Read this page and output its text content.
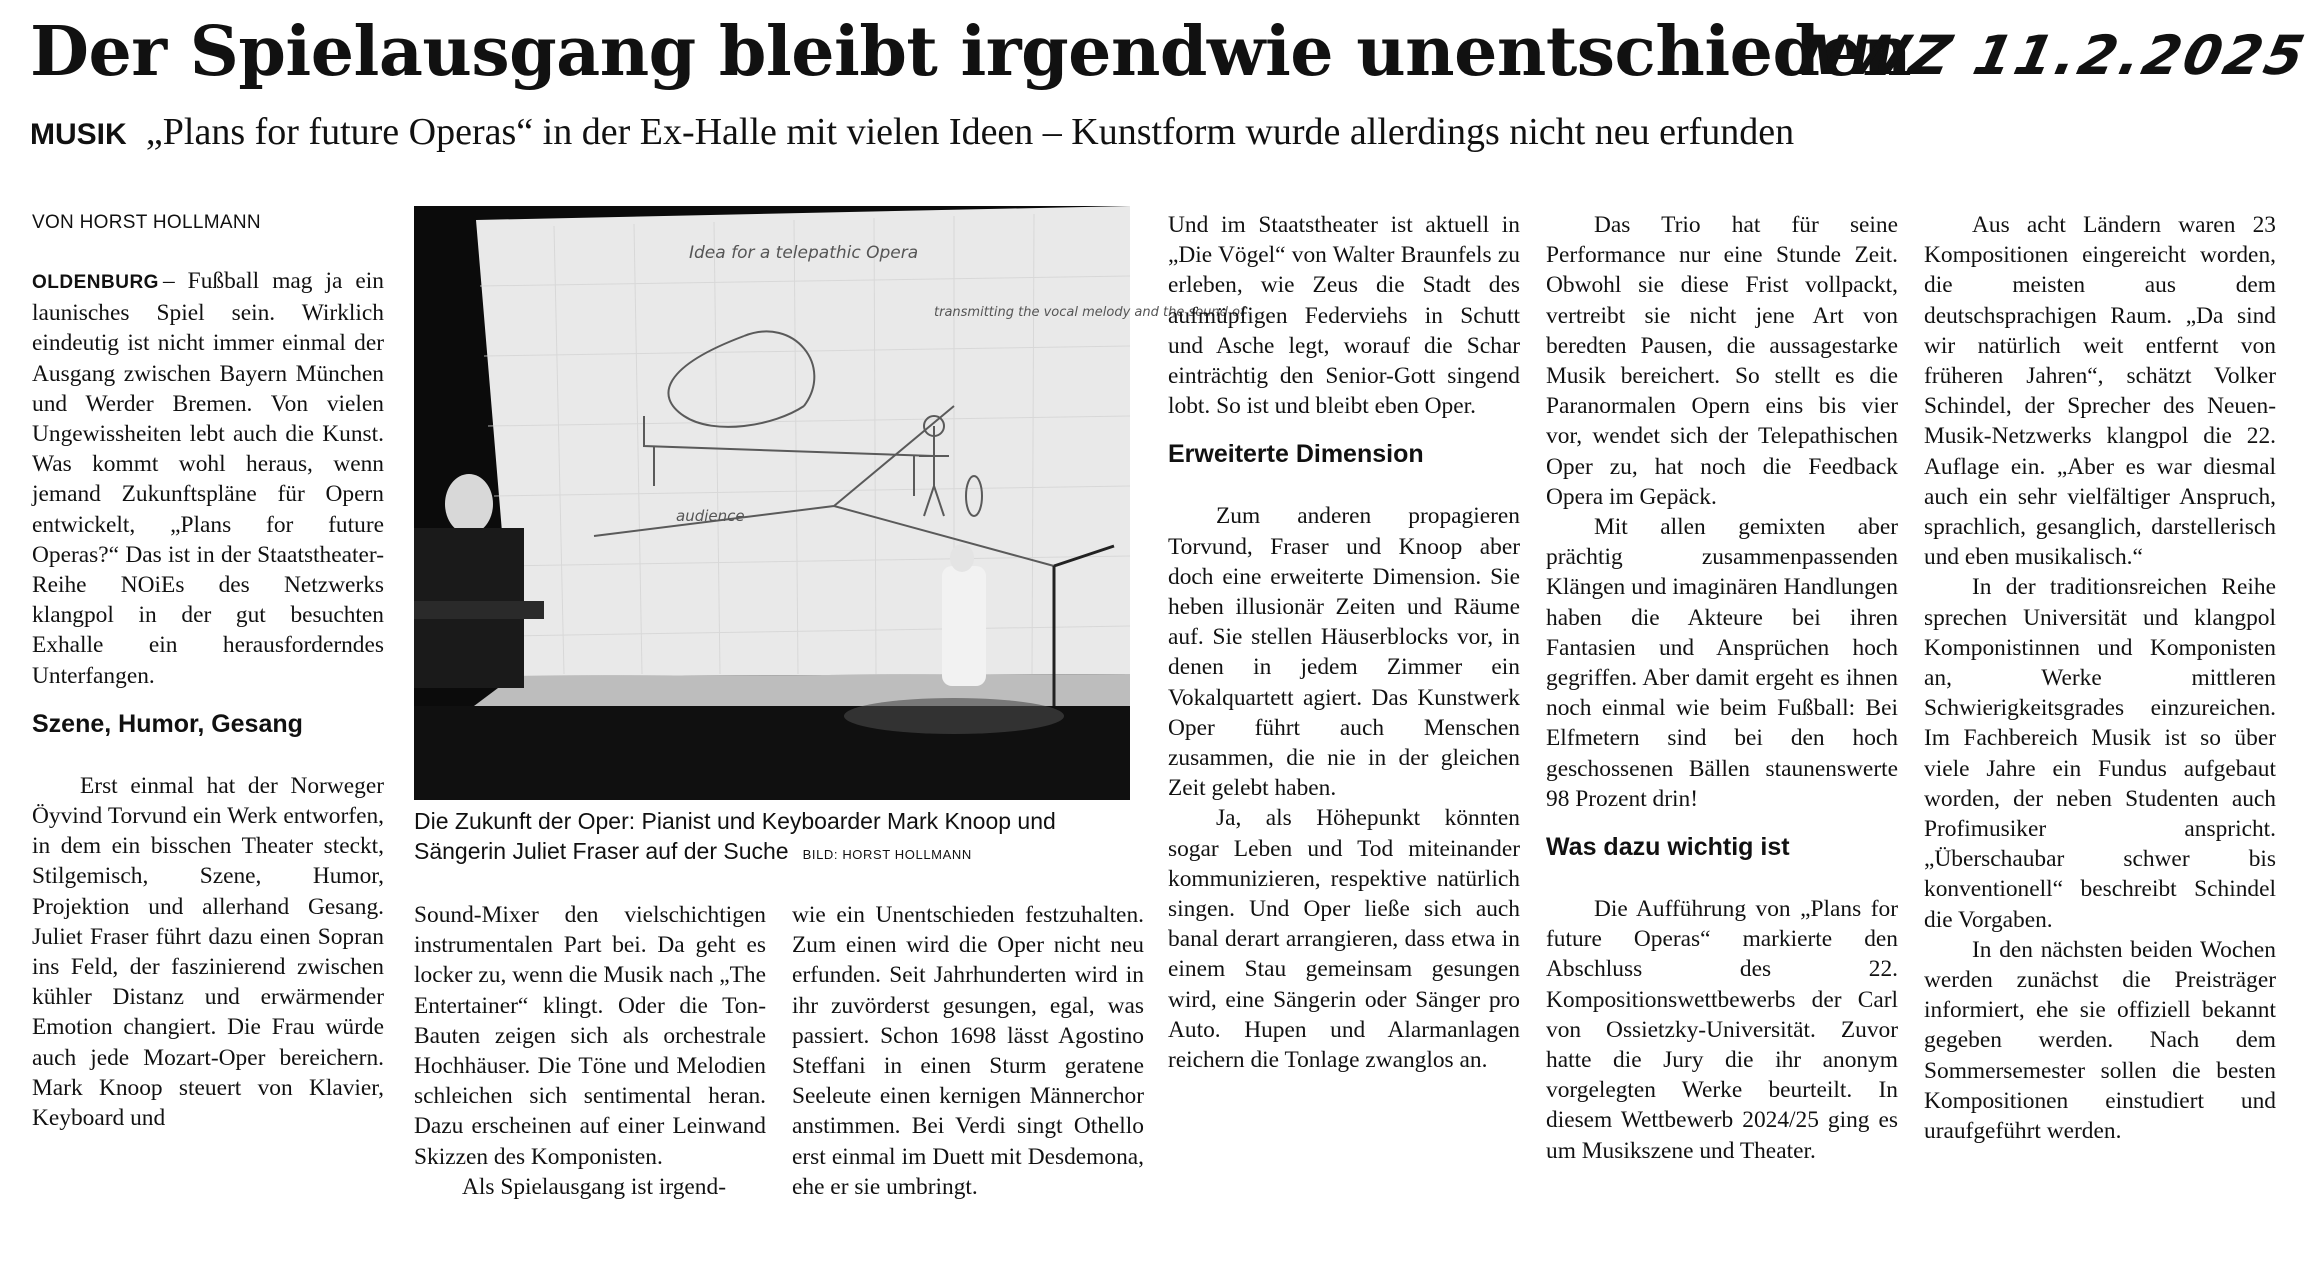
Der Spielausgang bleibt irgendwie unentschieden
NWZ 11.2.2025
MUSIK „Plans for future Operas“ in der Ex-Halle mit vielen Ideen – Kunstform wurde allerdings nicht neu erfunden
VON HORST HOLLMANN

OLDENBURG – Fußball mag ja ein launisches Spiel sein. Wirklich eindeutig ist nicht immer einmal der Ausgang zwischen Bayern München und Werder Bremen. Von vielen Ungewissheiten lebt auch die Kunst. Was kommt wohl heraus, wenn jemand Zukunftspläne für Opern entwickelt, „Plans for future Operas?“ Das ist in der Staatstheater-Reihe NOiEs des Netzwerks klangpol in der gut besuchten Exhalle ein herausforderndes Unterfangen.

Szene, Humor, Gesang

Erst einmal hat der Norweger Öyvind Torvund ein Werk entworfen, in dem ein bisschen Theater steckt, Stilgemisch, Szene, Humor, Projektion und allerhand Gesang. Juliet Fraser führt dazu einen Sopran ins Feld, der faszinierend zwischen kühler Distanz und erwärmender Emotion changiert. Die Frau würde auch jede Mozart-Oper bereichern. Mark Knoop steuert von Klavier, Keyboard und

Idea for a telepathic Opera
transmitting the vocal melody and the sound of
audience
Die Zukunft der Oper: Pianist und Keyboarder Mark Knoop und Sängerin Juliet Fraser auf der Suche BILD: HORST HOLLMANN

Sound-Mixer den vielschichtigen instrumentalen Part bei. Da geht es locker zu, wenn die Musik nach „The Entertainer“ klingt. Oder die Ton-Bauten zeigen sich als orchestrale Hochhäuser. Die Töne und Melodien schleichen sich sentimental heran. Dazu erscheinen auf einer Leinwand Skizzen des Komponisten.

Als Spielausgang ist irgend-

wie ein Unentschieden festzuhalten. Zum einen wird die Oper nicht neu erfunden. Seit Jahrhunderten wird in ihr zuvörderst gesungen, egal, was passiert. Schon 1698 lässt Agostino Steffani in einen Sturm geratene Seeleute einen kernigen Männerchor anstimmen. Bei Verdi singt Othello erst einmal im Duett mit Desdemona, ehe er sie umbringt.

Und im Staatstheater ist aktuell in „Die Vögel“ von Walter Braunfels zu erleben, wie Zeus die Stadt des aufmüpfigen Federviehs in Schutt und Asche legt, worauf die Schar einträchtig den Senior-Gott singend lobt. So ist und bleibt eben Oper.

Erweiterte Dimension

Zum anderen propagieren Torvund, Fraser und Knoop aber doch eine erweiterte Dimension. Sie heben illusionär Zeiten und Räume auf. Sie stellen Häuserblocks vor, in denen in jedem Zimmer ein Vokalquartett agiert. Das Kunstwerk Oper führt auch Menschen zusammen, die nie in der gleichen Zeit gelebt haben.

Ja, als Höhepunkt könnten sogar Leben und Tod miteinander kommunizieren, respektive natürlich singen. Und Oper ließe sich auch banal derart arrangieren, dass etwa in einem Stau gemeinsam gesungen wird, eine Sängerin oder Sänger pro Auto. Hupen und Alarmanlagen reichern die Tonlage zwanglos an.

Das Trio hat für seine Performance nur eine Stunde Zeit. Obwohl sie diese Frist vollpackt, vertreibt sie nicht jene Art von beredten Pausen, die aussagestarke Musik bereichert. So stellt es die Paranormalen Opern eins bis vier vor, wendet sich der Telepathischen Oper zu, hat noch die Feedback Opera im Gepäck.

Mit allen gemixten aber prächtig zusammenpassenden Klängen und imaginären Handlungen haben die Akteure bei ihren Fantasien und Ansprüchen hoch gegriffen. Aber damit ergeht es ihnen noch einmal wie beim Fußball: Bei Elfmetern sind bei den hoch geschossenen Bällen staunenswerte 98 Prozent drin!

Was dazu wichtig ist

Die Aufführung von „Plans for future Operas“ markierte den Abschluss des 22. Kompositionswettbewerbs der Carl von Ossietzky-Universität. Zuvor hatte die Jury die ihr anonym vorgelegten Werke beurteilt. In diesem Wettbewerb 2024/25 ging es um Musikszene und Theater.

Aus acht Ländern waren 23 Kompositionen eingereicht worden, die meisten aus dem deutschsprachigen Raum. „Da sind wir natürlich weit entfernt von früheren Jahren“, schätzt Volker Schindel, der Sprecher des Neuen-Musik-Netzwerks klangpol die 22. Auflage ein. „Aber es war diesmal auch ein sehr vielfältiger Anspruch, sprachlich, gesanglich, darstellerisch und eben musikalisch.“

In der traditionsreichen Reihe sprechen Universität und klangpol Komponistinnen und Komponisten an, Werke mittleren Schwierigkeitsgrades einzureichen. Im Fachbereich Musik ist so über viele Jahre ein Fundus aufgebaut worden, der neben Studenten auch Profimusiker anspricht. „Überschaubar schwer bis konventionell“ beschreibt Schindel die Vorgaben.

In den nächsten beiden Wochen werden zunächst die Preisträger informiert, ehe sie offiziell bekannt gegeben werden. Nach dem Sommersemester sollen die besten Kompositionen einstudiert und uraufgeführt werden.
